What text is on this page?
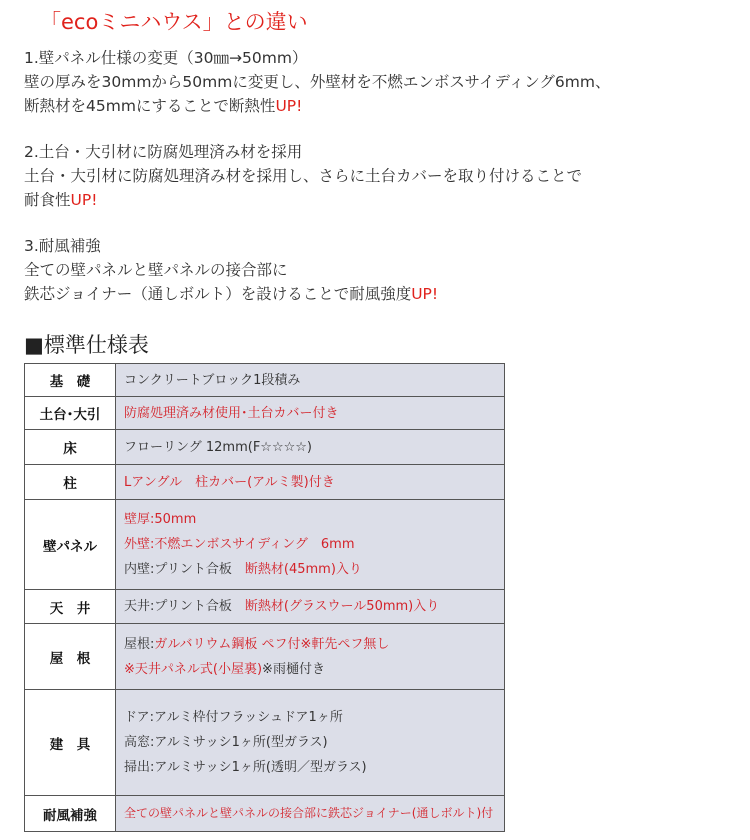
「ecoミニハウス」との違い
1.壁パネル仕様の変更（30㎜→50mm）
壁の厚みを30mmから50mmに変更し、外壁材を不燃エンボスサイディング6mm、
断熱材を45mmにすることで断熱性UP!
2.土台・大引材に防腐処理済み材を採用
土台・大引材に防腐処理済み材を採用し、さらに土台カバーを取り付けることで
耐食性UP!
3.耐風補強
全ての壁パネルと壁パネルの接合部に
鉄芯ジョイナー（通しボルト）を設けることで耐風強度UP!
■標準仕様表
基　礎	コンクリートブロック1段積み

土台･大引	防腐処理済み材使用･土台カバー付き

床	フローリング 12mm(F☆☆☆☆)

柱	Lアングル　柱カバー(アルミ製)付き

壁パネル	壁厚:50mm
外壁:不燃エンボスサイディング　6mm
内壁:プリント合板　断熱材(45mm)入り

天　井	天井:プリント合板　断熱材(グラスウール50mm)入り

屋　根	屋根:ガルバリウム鋼板 ペフ付※軒先ペフ無し
※天井パネル式(小屋裏)※雨樋付き

建　具	ドア:アルミ枠付フラッシュドア1ヶ所
高窓:アルミサッシ1ヶ所(型ガラス)
掃出:アルミサッシ1ヶ所(透明／型ガラス)

耐風補強	全ての壁パネルと壁パネルの接合部に鉄芯ジョイナー(通しボルト)付
